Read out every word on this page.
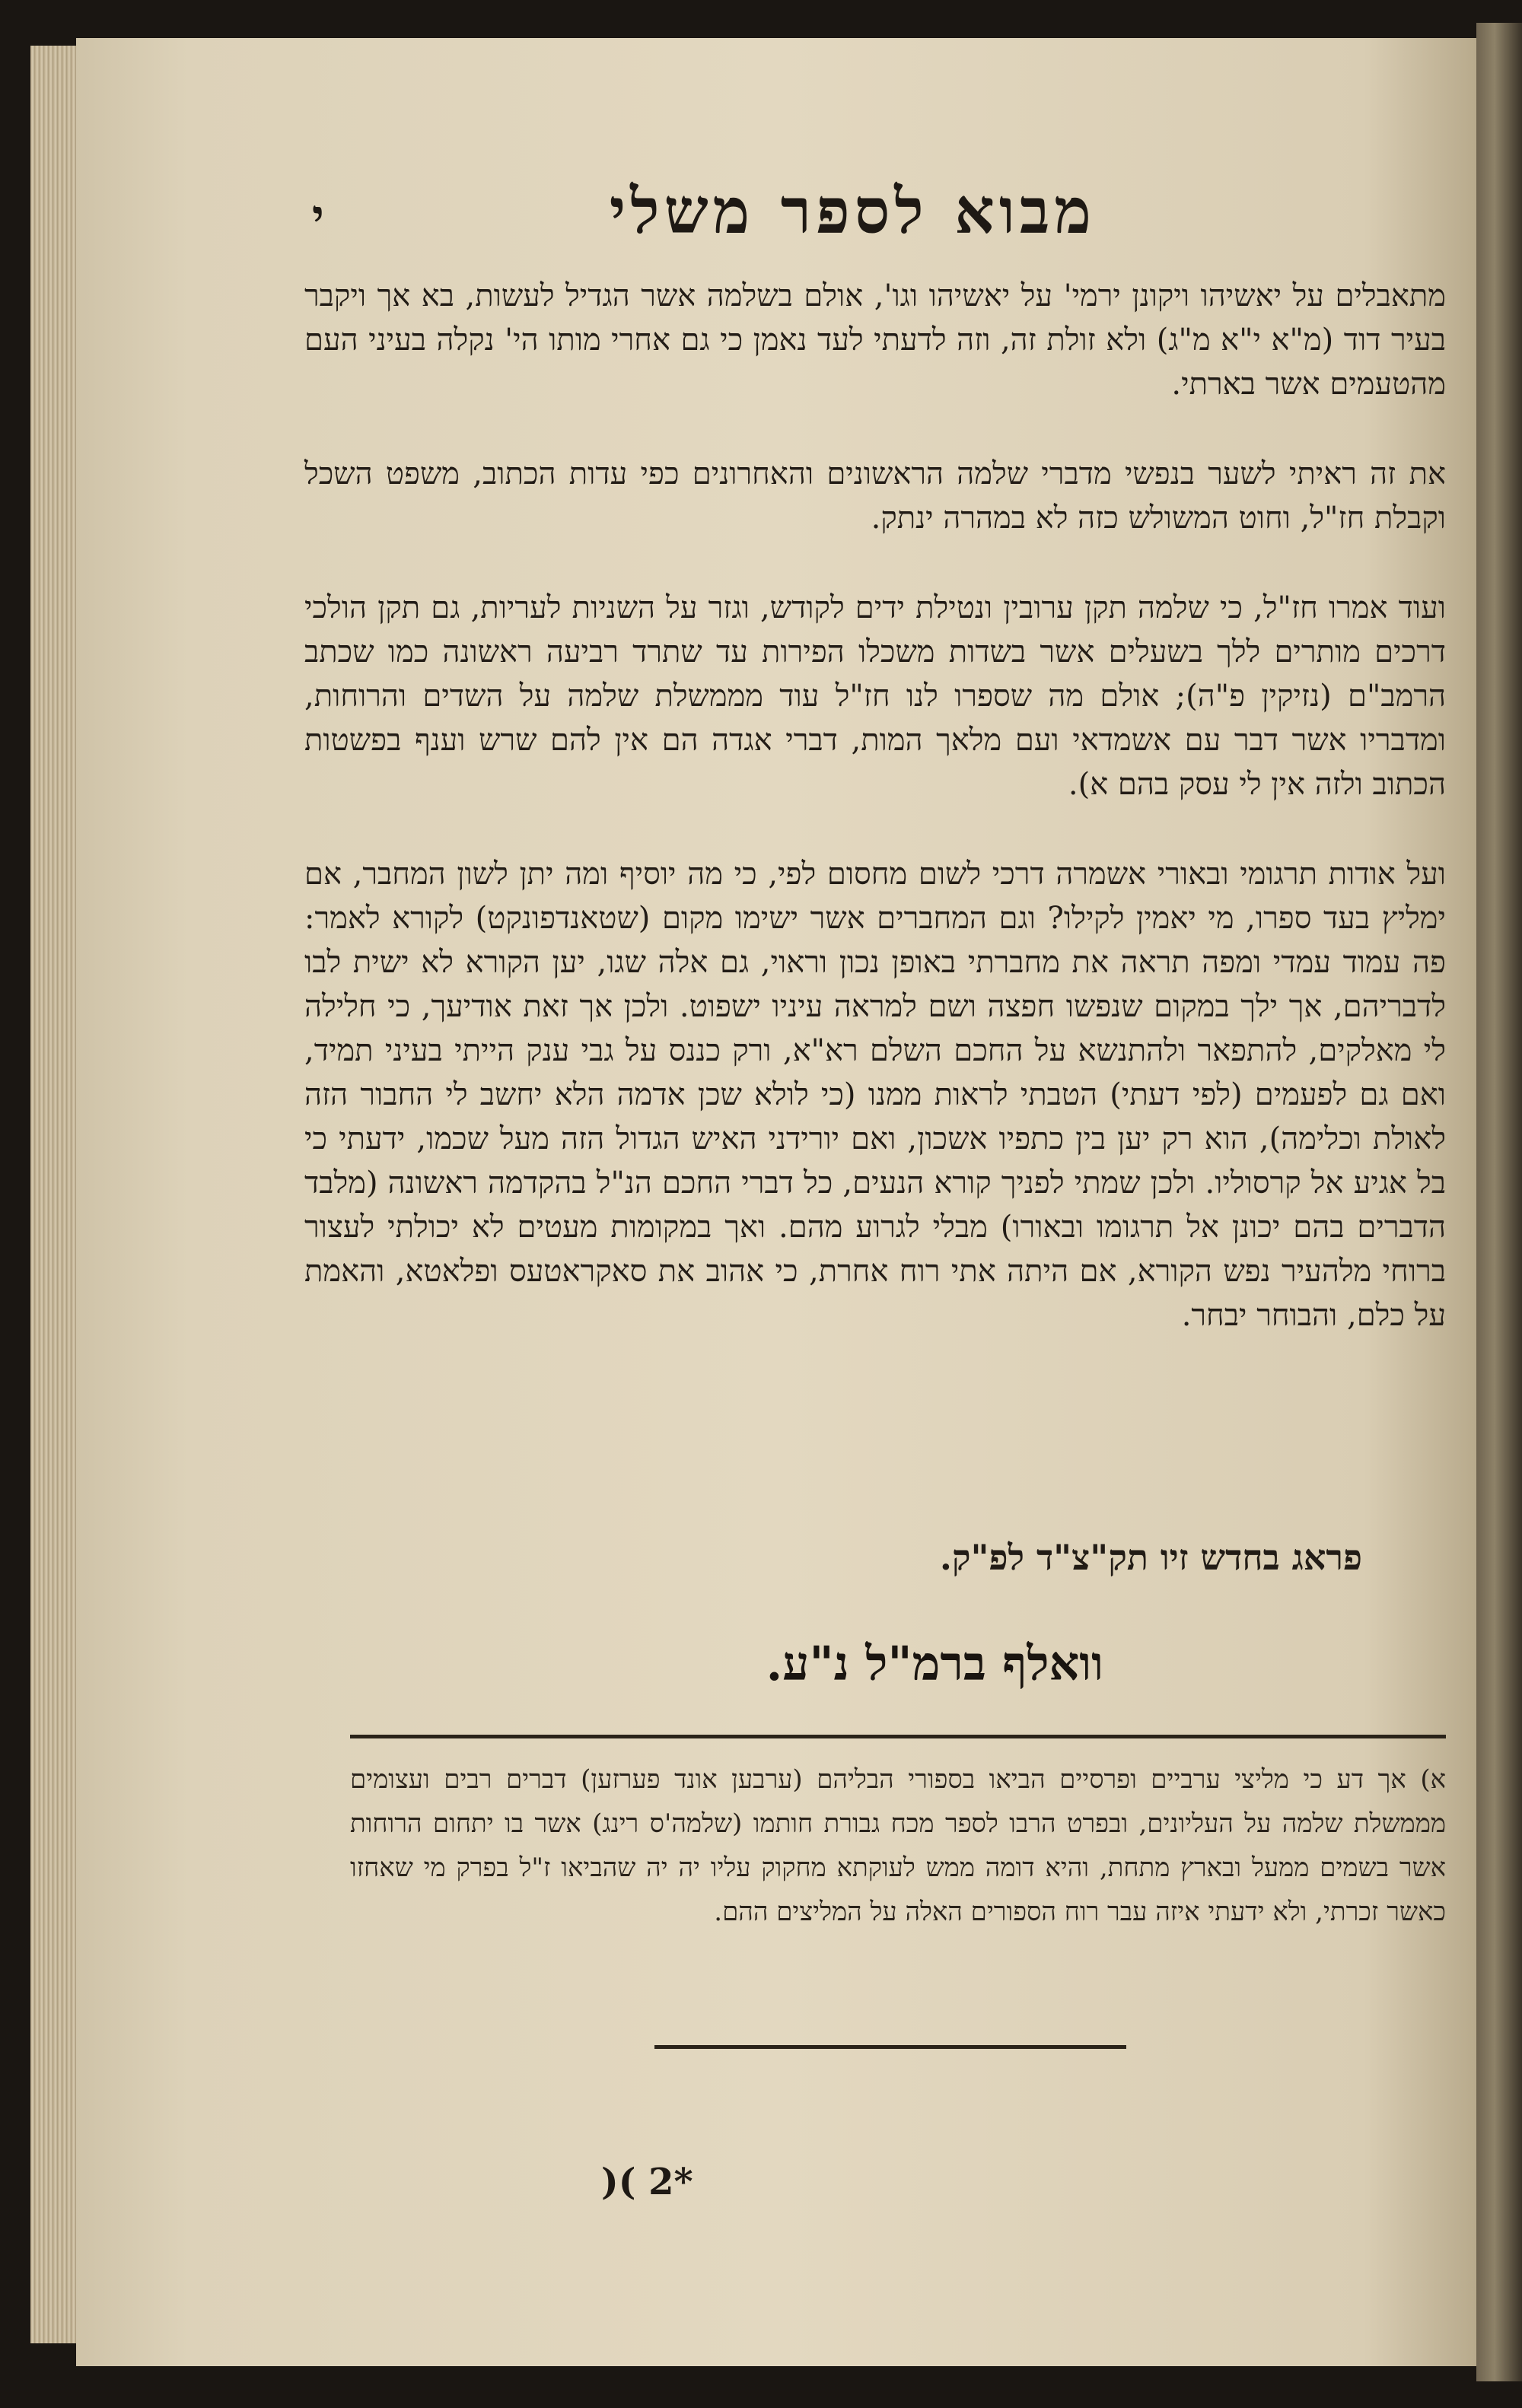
מבוא לספר משלי
י

מתאבלים על יאשיהו ויקונן ירמי' על יאשיהו וגו', אולם בשלמה אשר הגדיל לעשות, בא אך ויקבר בעיר דוד (מ"א י"א מ"ג) ולא זולת זה, וזה לדעתי לעד נאמן כי גם אחרי מותו הי' נקלה בעיני העם מהטעמים אשר בארתי.

את זה ראיתי לשער בנפשי מדברי שלמה הראשונים והאחרונים כפי עדות הכתוב, משפט השכל וקבלת חז"ל, וחוט המשולש כזה לא במהרה ינתק.

ועוד אמרו חז"ל, כי שלמה תקן ערובין ונטילת ידים לקודש, וגזר על השניות לעריות, גם תקן הולכי דרכים מותרים ללך בשעלים אשר בשדות משכלו הפירות עד שתרד רביעה ראשונה כמו שכתב הרמב"ם (נזיקין פ"ה); אולם מה שספרו לנו חז"ל עוד מממשלת שלמה על השדים והרוחות, ומדבריו אשר דבר עם אשמדאי ועם מלאך המות, דברי אגדה הם אין להם שרש וענף בפשטות הכתוב ולזה אין לי עסק בהם א).

ועל אודות תרגומי ובאורי אשמרה דרכי לשום מחסום לפי, כי מה יוסיף ומה יתן לשון המחבר, אם ימליץ בעד ספרו, מי יאמין לקילו? וגם המחברים אשר ישימו מקום (שטאנדפונקט) לקורא לאמר: פה עמוד עמדי ומפה תראה את מחברתי באופן נכון וראוי, גם אלה שגו, יען הקורא לא ישית לבו לדבריהם, אך ילך במקום שנפשו חפצה ושם למראה עיניו ישפוט. ולכן אך זאת אודיעך, כי חלילה לי מאלקים, להתפאר ולהתנשא על החכם השלם רא"א, ורק כננס על גבי ענק הייתי בעיני תמיד, ואם גם לפעמים (לפי דעתי) הטבתי לראות ממנו (כי לולא שכן אדמה הלא יחשב לי החבור הזה לאולת וכלימה), הוא רק יען בין כתפיו אשכון, ואם יורידני האיש הגדול הזה מעל שכמו, ידעתי כי בל אגיע אל קרסוליו. ולכן שמתי לפניך קורא הנעים, כל דברי החכם הנ"ל בהקדמה ראשונה (מלבד הדברים בהם יכונן אל תרגומו ובאורו) מבלי לגרוע מהם. ואך במקומות מעטים לא יכולתי לעצור ברוחי מלהעיר נפש הקורא, אם היתה אתי רוח אחרת, כי אהוב את סאקראטעס ופלאטא, והאמת על כלם, והבוחר יבחר.

פראג בחדש זיו תק"צ"ד לפ"ק.
וואלף ברמ"ל נ"ע.
א) אך דע כי מליצי ערביים ופרסיים הביאו בספורי הבליהם (ערבען אונד פערזען) דברים רבים ועצומים מממשלת שלמה על העליונים, ובפרט הרבו לספר מכח גבורת חותמו (שלמה'ס רינג) אשר בו יתחום הרוחות אשר בשמים ממעל ובארץ מתחת, והיא דומה ממש לעוקתא מחקוק עליו יה יה שהביאו ז"ל בפרק מי שאחזו כאשר זכרתי, ולא ידעתי איזה עבר רוח הספורים האלה על המליצים ההם.
)( 2*
